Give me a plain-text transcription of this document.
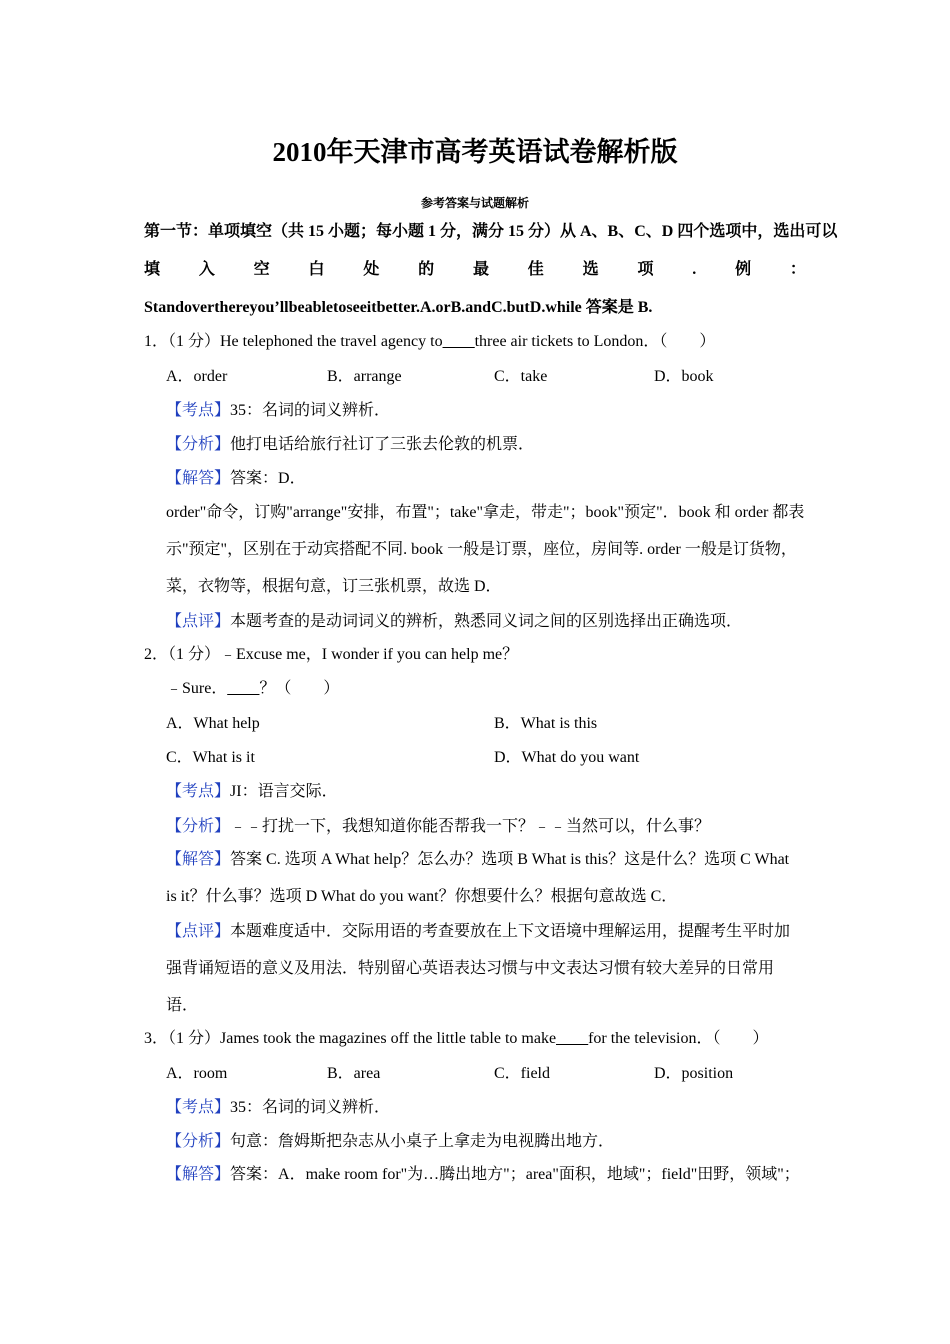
2010年天津市高考英语试卷解析版
参考答案与试题解析
第一节：单项填空（共 15 小题；每小题 1 分，满分 15 分）从 A、B、C、D 四个选项中，选出可以
填 入 空 白 处 的 最 佳 选 项 . 例 ：
Standoverthereyou’llbeabletoseeitbetter.A.orB.andC.butD.while 答案是 B.
1．（1 分）He telephoned the travel agency to____three air tickets to London．（　　）
A．order	B．arrange	C．take	D．book
【考点】35：名词的词义辨析．
【分析】他打电话给旅行社订了三张去伦敦的机票．
【解答】答案：D．
order"命令，订购"arrange"安排，布置"；take"拿走，带走"；book"预定"．book 和 order 都表
示"预定"，区别在于动宾搭配不同. book 一般是订票，座位，房间等. order 一般是订货物，
菜，衣物等，根据句意，订三张机票，故选 D．
【点评】本题考查的是动词词义的辨析，熟悉同义词之间的区别选择出正确选项．
2．（1 分）﹣Excuse me，I wonder if you can help me？
﹣Sure．____？（　　）
A．What help	B．What is this
C．What is it	D．What do you want
【考点】JI：语言交际．
【分析】﹣﹣打扰一下，我想知道你能否帮我一下？﹣﹣当然可以，什么事？
【解答】答案 C. 选项 A What help？怎么办？选项 B What is this？这是什么？选项 C What
is it？什么事？选项 D What do you want？你想要什么？根据句意故选 C．
【点评】本题难度适中．交际用语的考查要放在上下文语境中理解运用，提醒考生平时加
强背诵短语的意义及用法．特别留心英语表达习惯与中文表达习惯有较大差异的日常用
语．
3．（1 分）James took the magazines off the little table to make____for the television．（　　）
A．room	B．area	C．field	D．position
【考点】35：名词的词义辨析．
【分析】句意：詹姆斯把杂志从小桌子上拿走为电视腾出地方．
【解答】答案：A．make room for"为…腾出地方"；area"面积，地域"；field"田野，领域"；
